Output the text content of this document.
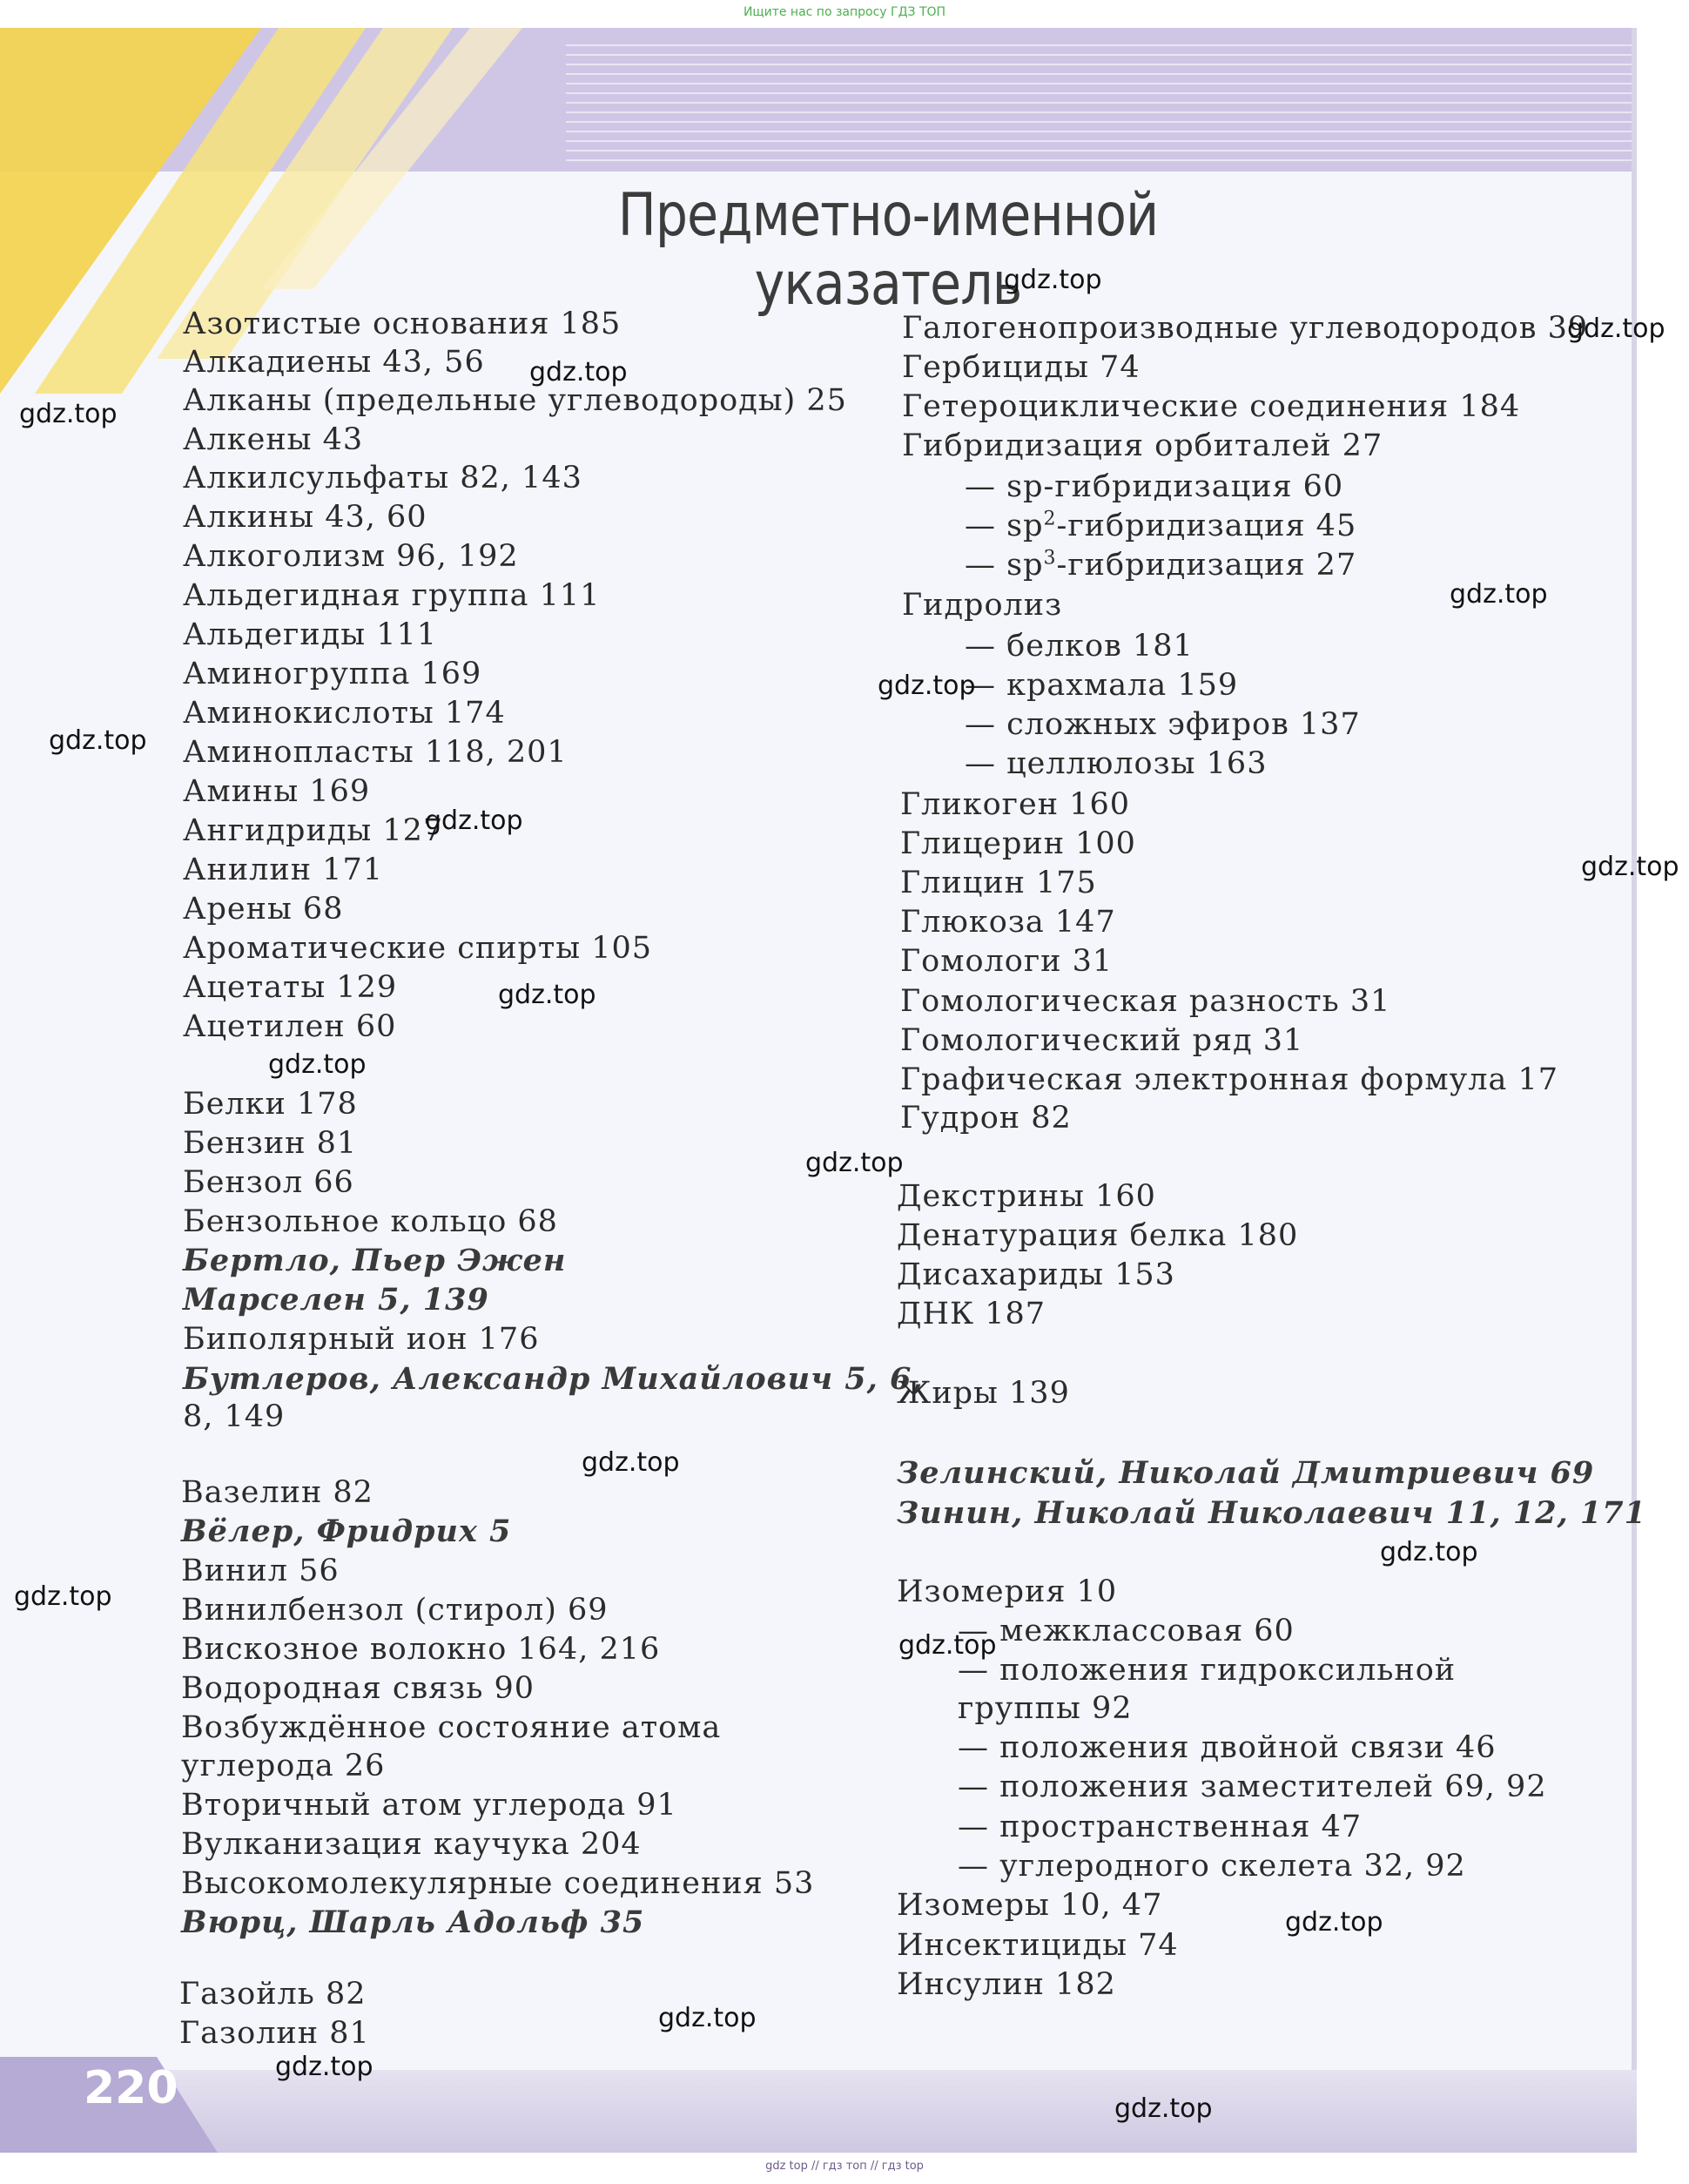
Ищите нас по запросу ГДЗ ТОП
220
Предметно-именной указатель
Азотистые основания 185
Алкадиены 43, 56
Алканы (предельные углеводороды) 25
Алкены 43
Алкилсульфаты 82, 143
Алкины 43, 60
Алкоголизм 96, 192
Альдегидная группа 111
Альдегиды 111
Аминогруппа 169
Аминокислоты 174
Аминопласты 118, 201
Амины 169
Ангидриды 127
Анилин 171
Арены 68
Ароматические спирты 105
Ацетаты 129
Ацетилен 60
Белки 178
Бензин 81
Бензол 66
Бензольное кольцо 68
Бертло, Пьер Эжен
Марселен 5, 139
Биполярный ион 176
Бутлеров, Александр Михайлович 5, 6,
8, 149
Вазелин 82
Вёлер, Фридрих 5
Винил 56
Винилбензол (стирол) 69
Вискозное волокно 164, 216
Водородная связь 90
Возбуждённое состояние атома
углерода 26
Вторичный атом углерода 91
Вулканизация каучука 204
Высокомолекулярные соединения 53
Вюрц, Шарль Адольф 35
Газойль 82
Газолин 81
Галогенопроизводные углеводородов 39
Гербициды 74
Гетероциклические соединения 184
Гибридизация орбиталей 27
— sp-гибридизация 60
— $sp^2$-гибридизация 45
— $sp^3$-гибридизация 27
Гидролиз
— белков 181
— крахмала 159
— сложных эфиров 137
— целлюлозы 163
Гликоген 160
Глицерин 100
Глицин 175
Глюкоза 147
Гомологи 31
Гомологическая разность 31
Гомологический ряд 31
Графическая электронная формула 17
Гудрон 82
Декстрины 160
Денатурация белка 180
Дисахариды 153
ДНК 187
Жиры 139
Зелинский, Николай Дмитриевич 69
Зинин, Николай Николаевич 11, 12, 171
Изомерия 10
— межклассовая 60
— положения гидроксильной
группы 92
— положения двойной связи 46
— положения заместителей 69, 92
— пространственная 47
— углеродного скелета 32, 92
Изомеры 10, 47
Инсектициды 74
Инсулин 182
gdz.top
gdz.top
gdz.top
gdz.top
gdz.top
gdz.top
gdz.top
gdz.top
gdz.top
gdz.top
gdz.top
gdz.top
gdz.top
gdz.top
gdz.top
gdz.top
gdz.top
gdz.top
gdz.top
gdz.top
gdz top // гдз топ // гдз top
